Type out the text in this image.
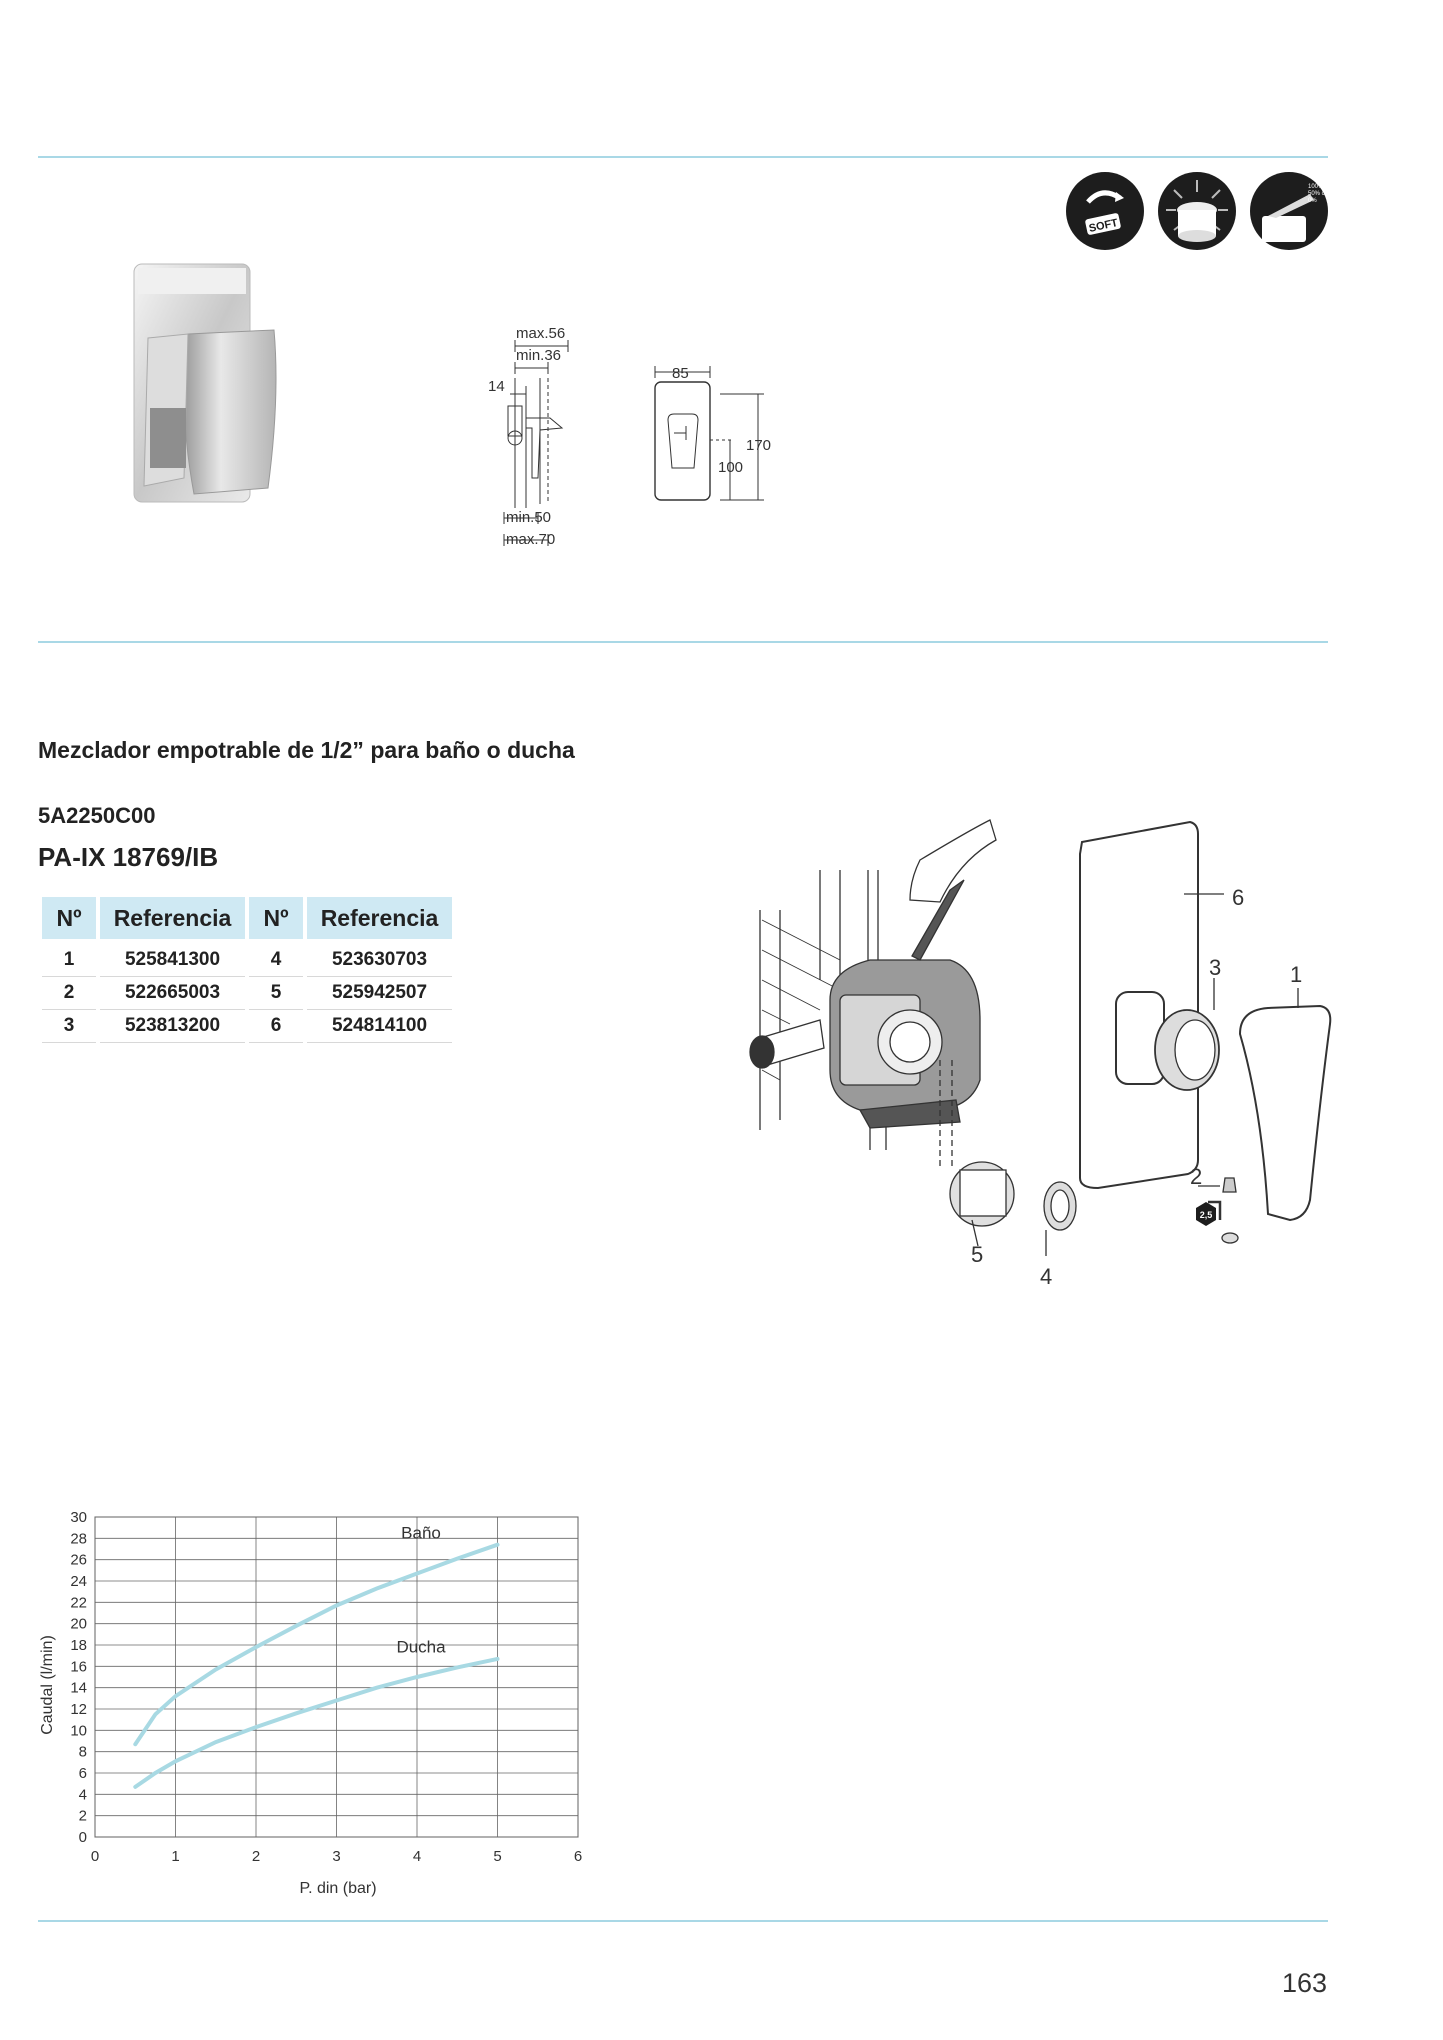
SOFT
100%
50% click
0%
max.56
min.36
14
min.50
max.70
85
170
100
Mezclador empotrable de 1/2” para baño o ducha
5A2250C00
PA-IX 18769/IB
Nº	Referencia	Nº	Referencia
1	525841300	4	523630703
2	522665003	5	525942507
3	523813200	6	524814100
2,5
6
3	1
2
5
4
Baño
Ducha
0
2
4
6
8
10
12
14
16
18
20
22
24
26
28
30
0	1	2	3	4	5	6
P. din (bar)
Caudal (l/min)
163
